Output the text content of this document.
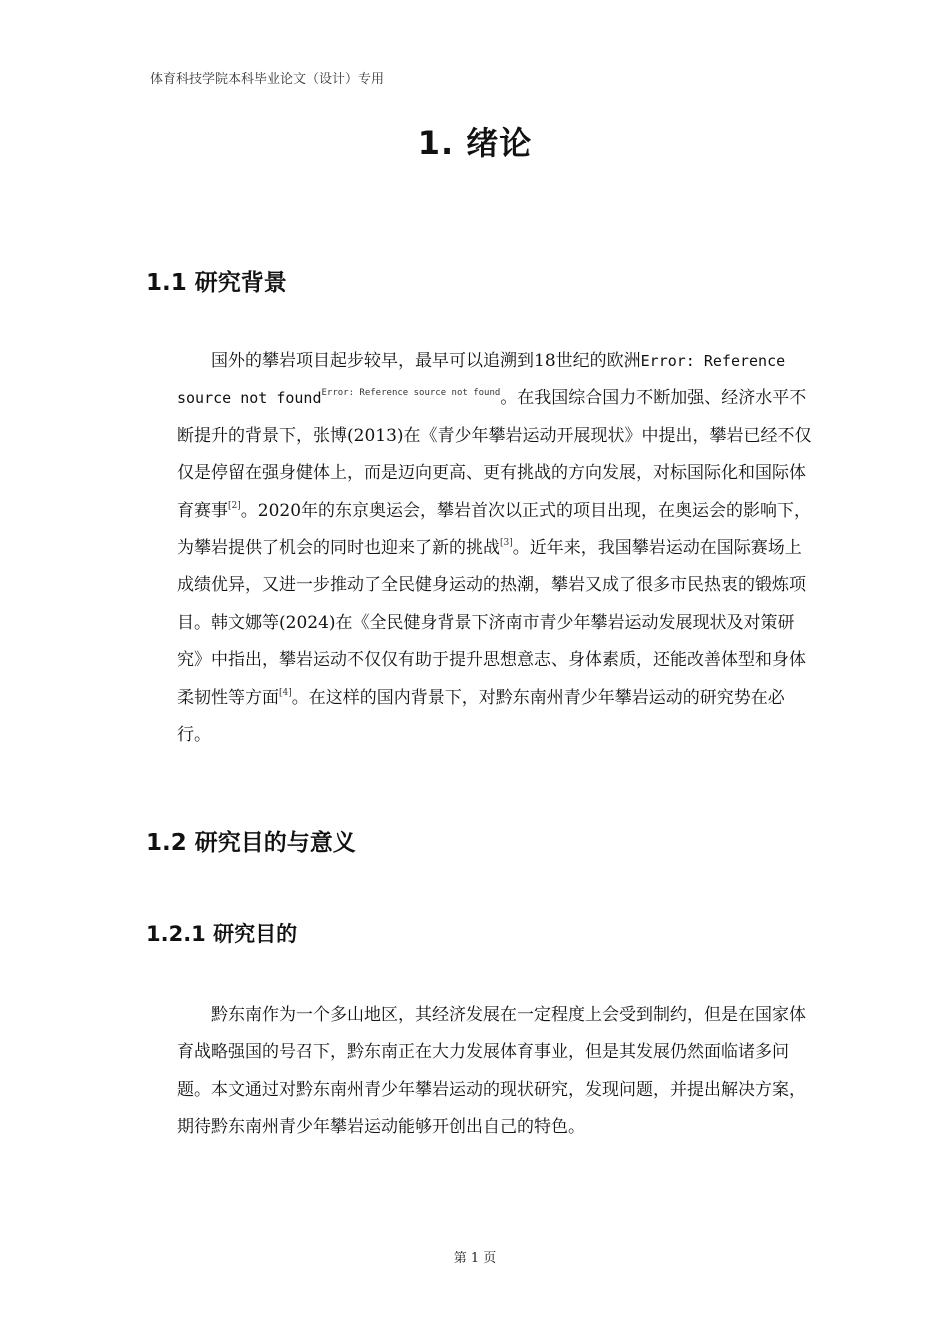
体育科技学院本科毕业论文（设计）专用
1. 绪论
1.1 研究背景
国外的攀岩项目起步较早，最早可以追溯到18世纪的欧洲Error: Reference source not found$^{Error: Reference source not found}$。在我国综合国力不断加强、经济水平不断提升的背景下，张博(2013)在《青少年攀岩运动开展现状》中提出，攀岩已经不仅仅是停留在强身健体上，而是迈向更高、更有挑战的方向发展，对标国际化和国际体育赛事[2]。2020年的东京奥运会，攀岩首次以正式的项目出现，在奥运会的影响下，为攀岩提供了机会的同时也迎来了新的挑战[3]。近年来，我国攀岩运动在国际赛场上成绩优异，又进一步推动了全民健身运动的热潮，攀岩又成了很多市民热衷的锻炼项目。韩文娜等(2024)在《全民健身背景下济南市青少年攀岩运动发展现状及对策研究》中指出，攀岩运动不仅仅有助于提升思想意志、身体素质，还能改善体型和身体柔韧性等方面[4]。在这样的国内背景下，对黔东南州青少年攀岩运动的研究势在必行。
1.2 研究目的与意义
1.2.1 研究目的
黔东南作为一个多山地区，其经济发展在一定程度上会受到制约，但是在国家体育战略强国的号召下，黔东南正在大力发展体育事业，但是其发展仍然面临诸多问题。本文通过对黔东南州青少年攀岩运动的现状研究，发现问题，并提出解决方案，期待黔东南州青少年攀岩运动能够开创出自己的特色。
第 1 页
